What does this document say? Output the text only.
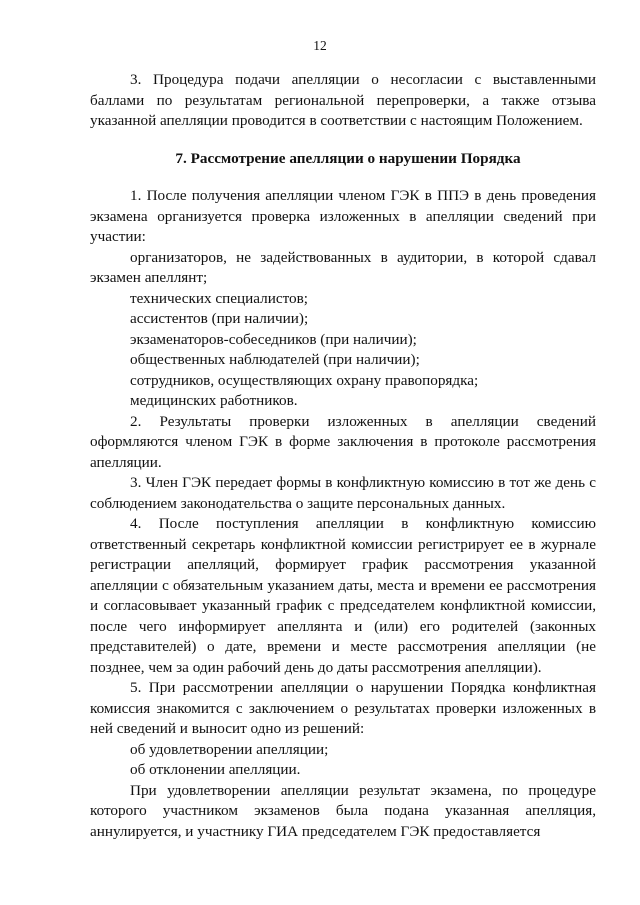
12

3. Процедура подачи апелляции о несогласии с выставленными баллами по результатам региональной перепроверки, а также отзыва указанной апелляции проводится в соответствии с настоящим Положением.

7. Рассмотрение апелляции о нарушении Порядка

1. После получения апелляции членом ГЭК в ППЭ в день проведения экзамена организуется проверка изложенных в апелляции сведений при участии:

организаторов, не задействованных в аудитории, в которой сдавал экзамен апеллянт;

технических специалистов;

ассистентов (при наличии);

экзаменаторов-собеседников (при наличии);

общественных наблюдателей (при наличии);

сотрудников, осуществляющих охрану правопорядка;

медицинских работников.

2. Результаты проверки изложенных в апелляции сведений оформляются членом ГЭК в форме заключения в протоколе рассмотрения апелляции.

3. Член ГЭК передает формы в конфликтную комиссию в тот же день с соблюдением законодательства о защите персональных данных.

4. После поступления апелляции в конфликтную комиссию ответственный секретарь конфликтной комиссии регистрирует ее в журнале регистрации апелляций, формирует график рассмотрения указанной апелляции с обязательным указанием даты, места и времени ее рассмотрения и согласовывает указанный график с председателем конфликтной комиссии, после чего информирует апеллянта и (или) его родителей (законных представителей) о дате, времени и месте рассмотрения апелляции (не позднее, чем за один рабочий день до даты рассмотрения апелляции).

5. При рассмотрении апелляции о нарушении Порядка конфликтная комиссия знакомится с заключением о результатах проверки изложенных в ней сведений и выносит одно из решений:

об удовлетворении апелляции;

об отклонении апелляции.

При удовлетворении апелляции результат экзамена, по процедуре которого участником экзаменов была подана указанная апелляция, аннулируется, и участнику ГИА председателем ГЭК предоставляется
